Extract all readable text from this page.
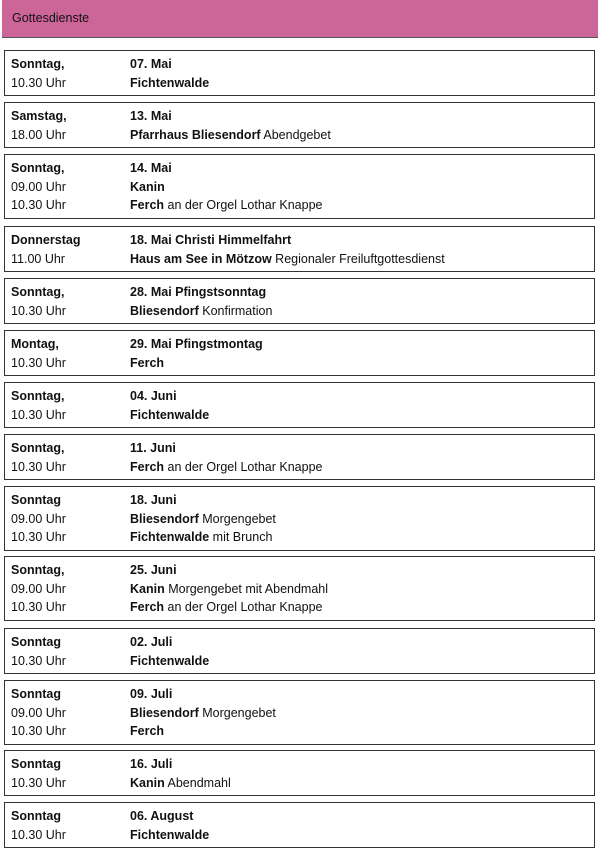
Gottesdienste
Sonntag,	07. Mai
10.30 Uhr	Fichtenwalde
Samstag,	13. Mai
18.00 Uhr	Pfarrhaus Bliesendorf Abendgebet
Sonntag,	14. Mai
09.00 Uhr	Kanin
10.30 Uhr	Ferch an der Orgel Lothar Knappe
Donnerstag	18. Mai Christi Himmelfahrt
11.00 Uhr	Haus am See in Mötzow Regionaler Freiluftgottesdienst
Sonntag,	28. Mai Pfingstsonntag
10.30 Uhr	Bliesendorf Konfirmation
Montag,	29. Mai Pfingstmontag
10.30 Uhr	Ferch
Sonntag,	04. Juni
10.30 Uhr	Fichtenwalde
Sonntag,	11. Juni
10.30 Uhr	Ferch an der Orgel Lothar Knappe
Sonntag	18. Juni
09.00 Uhr	Bliesendorf Morgengebet
10.30 Uhr	Fichtenwalde mit Brunch
Sonntag,	25. Juni
09.00 Uhr	Kanin Morgengebet mit Abendmahl
10.30 Uhr	Ferch an der Orgel Lothar Knappe
Sonntag	02. Juli
10.30 Uhr	Fichtenwalde
Sonntag	09. Juli
09.00 Uhr	Bliesendorf Morgengebet
10.30 Uhr	Ferch
Sonntag	16. Juli
10.30 Uhr	Kanin Abendmahl
Sonntag	06. August
10.30 Uhr	Fichtenwalde
